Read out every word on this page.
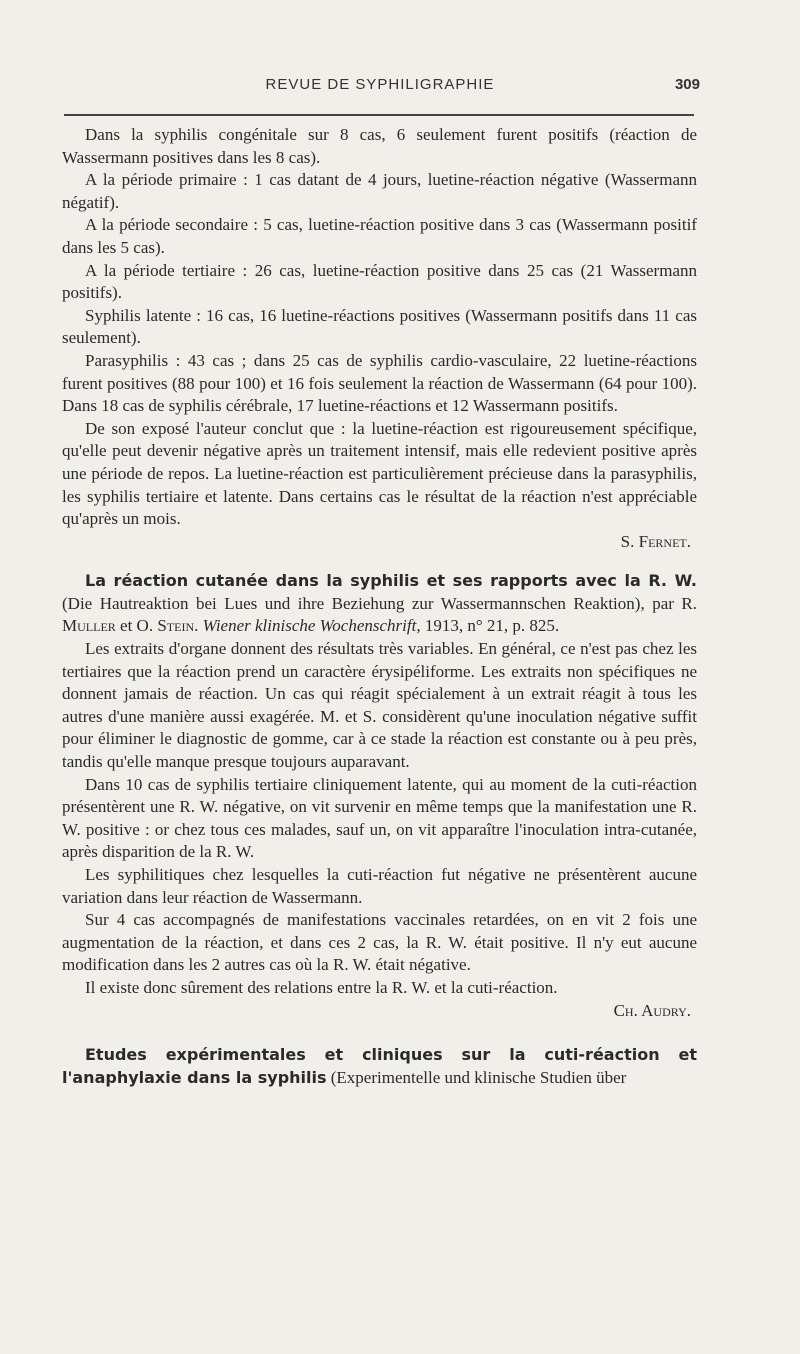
REVUE DE SYPHILIGRAPHIE	309

Dans la syphilis congénitale sur 8 cas, 6 seulement furent positifs (réaction de Wassermann positives dans les 8 cas).

A la période primaire : 1 cas datant de 4 jours, luetine-réaction négative (Wassermann négatif).

A la période secondaire : 5 cas, luetine-réaction positive dans 3 cas (Wassermann positif dans les 5 cas).

A la période tertiaire : 26 cas, luetine-réaction positive dans 25 cas (21 Wassermann positifs).

Syphilis latente : 16 cas, 16 luetine-réactions positives (Wassermann positifs dans 11 cas seulement).

Parasyphilis : 43 cas ; dans 25 cas de syphilis cardio-vasculaire, 22 luetine-réactions furent positives (88 pour 100) et 16 fois seulement la réaction de Wassermann (64 pour 100). Dans 18 cas de syphilis cérébrale, 17 luetine-réactions et 12 Wassermann positifs.

De son exposé l'auteur conclut que : la luetine-réaction est rigoureusement spécifique, qu'elle peut devenir négative après un traitement intensif, mais elle redevient positive après une période de repos. La luetine-réaction est particulièrement précieuse dans la parasyphilis, les syphilis tertiaire et latente. Dans certains cas le résultat de la réaction n'est appréciable qu'après un mois.

S. Fernet.

La réaction cutanée dans la syphilis et ses rapports avec la R. W. (Die Hautreaktion bei Lues und ihre Beziehung zur Wassermannschen Reaktion), par R. Muller et O. Stein. Wiener klinische Wochenschrift, 1913, n° 21, p. 825.

Les extraits d'organe donnent des résultats très variables. En général, ce n'est pas chez les tertiaires que la réaction prend un caractère érysipéliforme. Les extraits non spécifiques ne donnent jamais de réaction. Un cas qui réagit spécialement à un extrait réagit à tous les autres d'une manière aussi exagérée. M. et S. considèrent qu'une inoculation négative suffit pour éliminer le diagnostic de gomme, car à ce stade la réaction est constante ou à peu près, tandis qu'elle manque presque toujours auparavant.

Dans 10 cas de syphilis tertiaire cliniquement latente, qui au moment de la cuti-réaction présentèrent une R. W. négative, on vit survenir en même temps que la manifestation une R. W. positive : or chez tous ces malades, sauf un, on vit apparaître l'inoculation intra-cutanée, après disparition de la R. W.

Les syphilitiques chez lesquelles la cuti-réaction fut négative ne présentèrent aucune variation dans leur réaction de Wassermann.

Sur 4 cas accompagnés de manifestations vaccinales retardées, on en vit 2 fois une augmentation de la réaction, et dans ces 2 cas, la R. W. était positive. Il n'y eut aucune modification dans les 2 autres cas où la R. W. était négative.

Il existe donc sûrement des relations entre la R. W. et la cuti-réaction.

Ch. Audry.

Etudes expérimentales et cliniques sur la cuti-réaction et l'anaphylaxie dans la syphilis (Experimentelle und klinische Studien über
